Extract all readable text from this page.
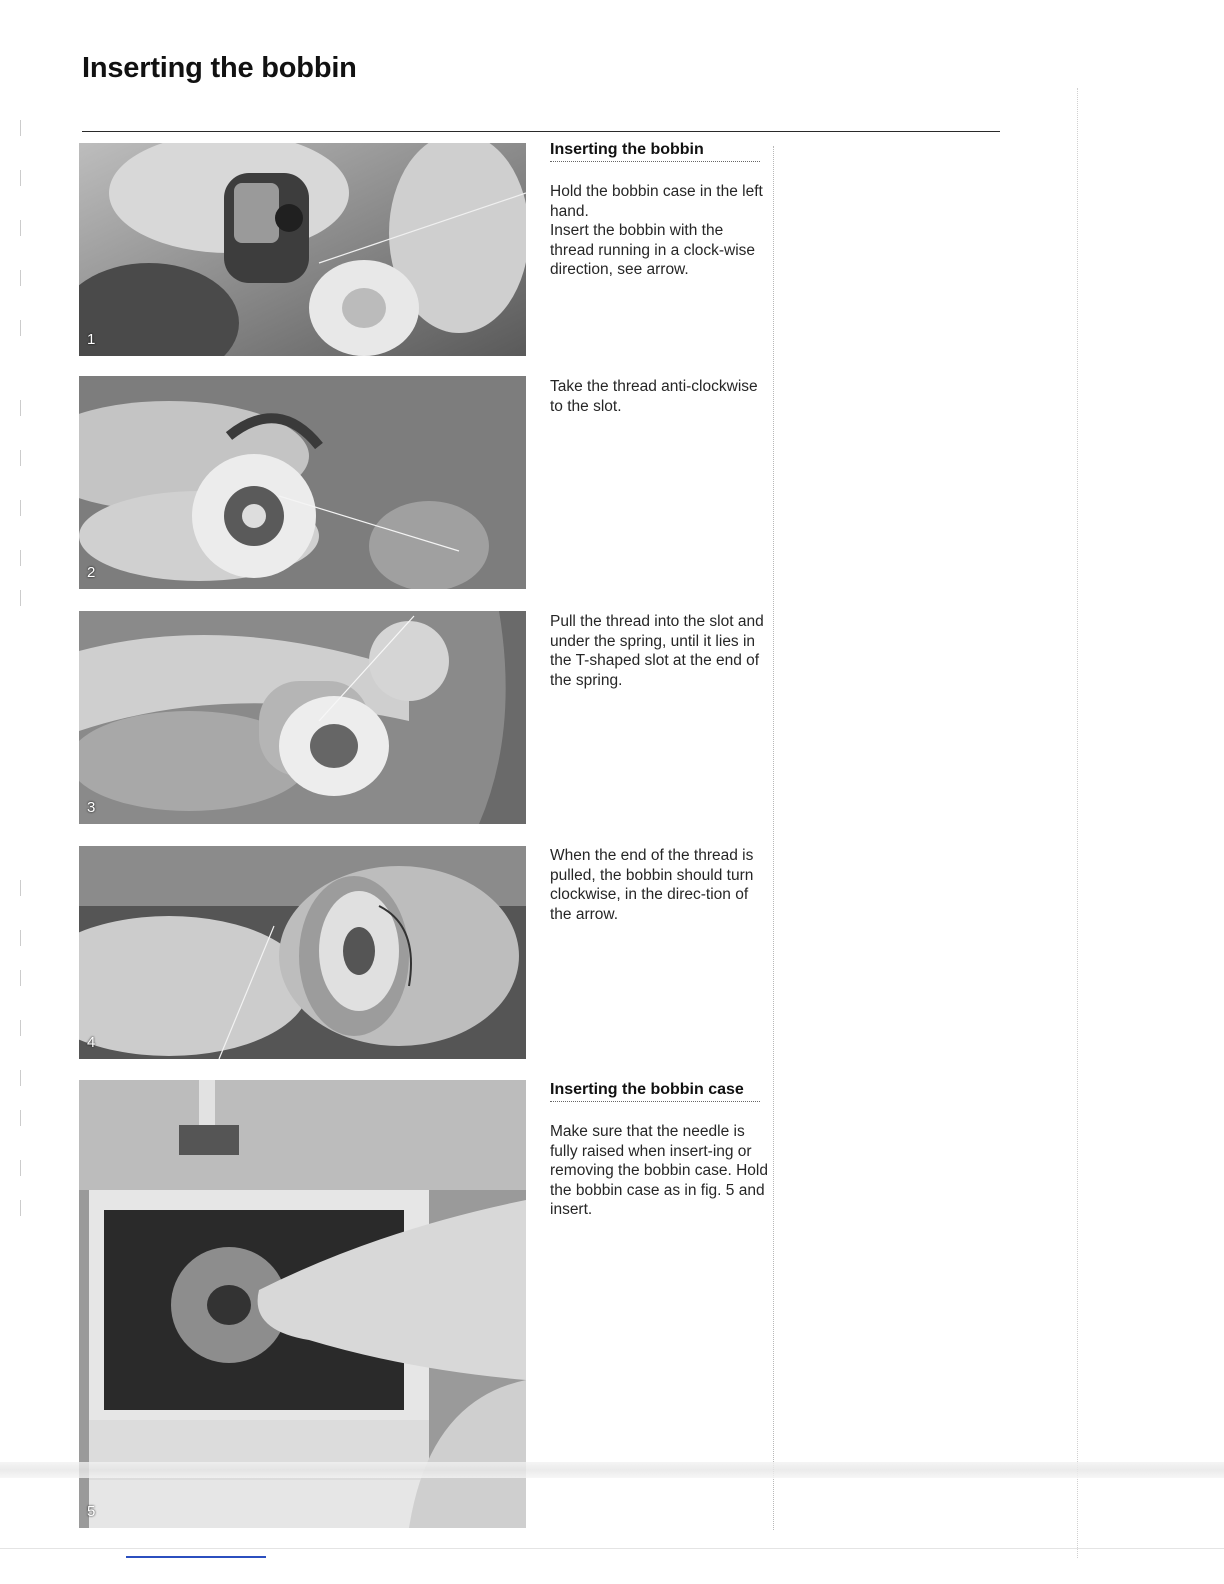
Inserting the bobbin
1
2
3
4
5
Inserting the bobbin

Hold the bobbin case in the left hand.

Insert the bobbin with the thread running in a clock-wise direction, see arrow.

Take the thread anti-clockwise to the slot.

Pull the thread into the slot and under the spring, until it lies in the T-shaped slot at the end of the spring.

When the end of the thread is pulled, the bobbin should turn clockwise, in the direc-tion of the arrow.

Inserting the bobbin case

Make sure that the needle is fully raised when insert-ing or removing the bobbin case. Hold the bobbin case as in fig. 5 and insert.
